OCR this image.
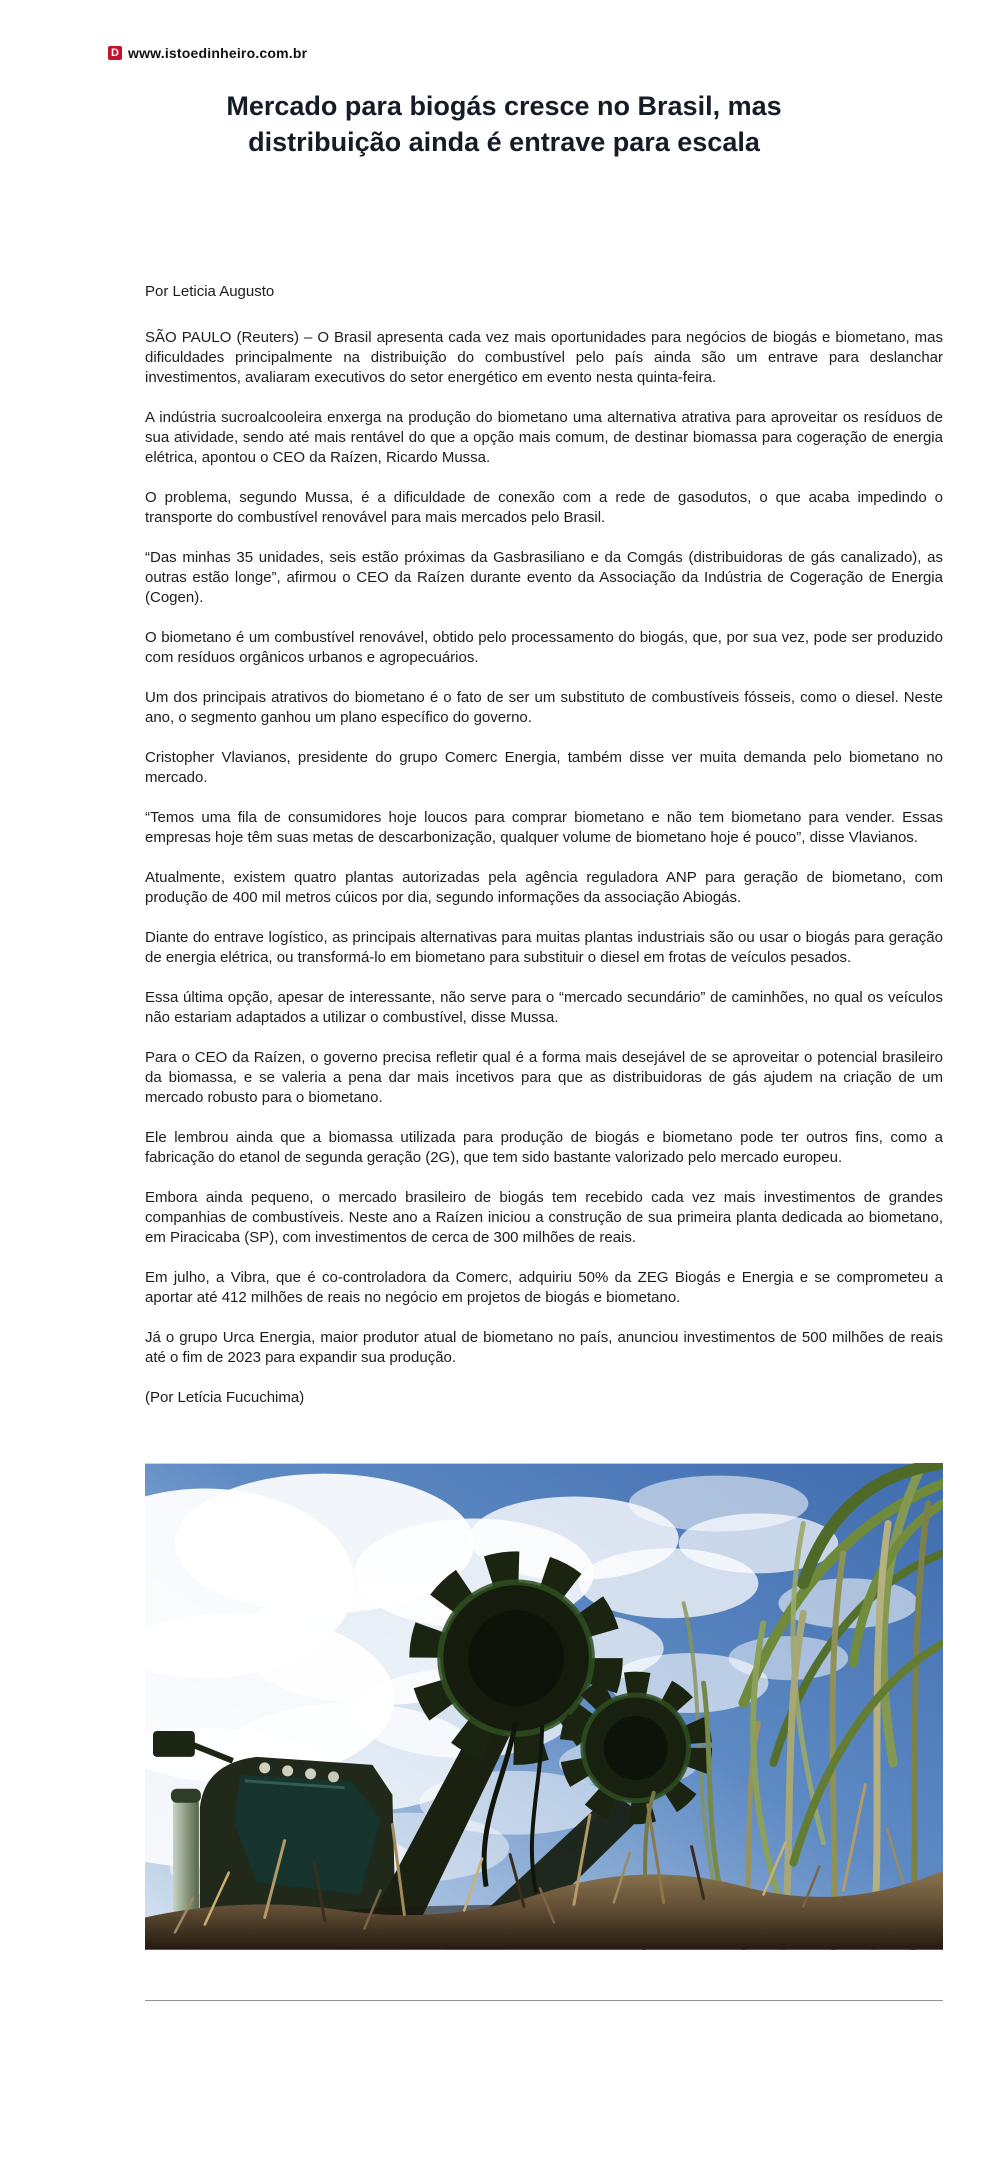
D www.istoedinheiro.com.br
Mercado para biogás cresce no Brasil, mas distribuição ainda é entrave para escala

Por Leticia Augusto

SÃO PAULO (Reuters) – O Brasil apresenta cada vez mais oportunidades para negócios de biogás e biometano, mas dificuldades principalmente na distribuição do combustível pelo país ainda são um entrave para deslanchar investimentos, avaliaram executivos do setor energético em evento nesta quinta-feira.

A indústria sucroalcooleira enxerga na produção do biometano uma alternativa atrativa para aproveitar os resíduos de sua atividade, sendo até mais rentável do que a opção mais comum, de destinar biomassa para cogeração de energia elétrica, apontou o CEO da Raízen, Ricardo Mussa.

O problema, segundo Mussa, é a dificuldade de conexão com a rede de gasodutos, o que acaba impedindo o transporte do combustível renovável para mais mercados pelo Brasil.

“Das minhas 35 unidades, seis estão próximas da Gasbrasiliano e da Comgás (distribuidoras de gás canalizado), as outras estão longe”, afirmou o CEO da Raízen durante evento da Associação da Indústria de Cogeração de Energia (Cogen).

O biometano é um combustível renovável, obtido pelo processamento do biogás, que, por sua vez, pode ser produzido com resíduos orgânicos urbanos e agropecuários.

Um dos principais atrativos do biometano é o fato de ser um substituto de combustíveis fósseis, como o diesel. Neste ano, o segmento ganhou um plano específico do governo.

Cristopher Vlavianos, presidente do grupo Comerc Energia, também disse ver muita demanda pelo biometano no mercado.

“Temos uma fila de consumidores hoje loucos para comprar biometano e não tem biometano para vender. Essas empresas hoje têm suas metas de descarbonização, qualquer volume de biometano hoje é pouco”, disse Vlavianos.

Atualmente, existem quatro plantas autorizadas pela agência reguladora ANP para geração de biometano, com produção de 400 mil metros cúicos por dia, segundo informações da associação Abiogás.

Diante do entrave logístico, as principais alternativas para muitas plantas industriais são ou usar o biogás para geração de energia elétrica, ou transformá-lo em biometano para substituir o diesel em frotas de veículos pesados.

Essa última opção, apesar de interessante, não serve para o “mercado secundário” de caminhões, no qual os veículos não estariam adaptados a utilizar o combustível, disse Mussa.

Para o CEO da Raízen, o governo precisa refletir qual é a forma mais desejável de se aproveitar o potencial brasileiro da biomassa, e se valeria a pena dar mais incetivos para que as distribuidoras de gás ajudem na criação de um mercado robusto para o biometano.

Ele lembrou ainda que a biomassa utilizada para produção de biogás e biometano pode ter outros fins, como a fabricação do etanol de segunda geração (2G), que tem sido bastante valorizado pelo mercado europeu.

Embora ainda pequeno, o mercado brasileiro de biogás tem recebido cada vez mais investimentos de grandes companhias de combustíveis. Neste ano a Raízen iniciou a construção de sua primeira planta dedicada ao biometano, em Piracicaba (SP), com investimentos de cerca de 300 milhões de reais.

Em julho, a Vibra, que é co-controladora da Comerc, adquiriu 50% da ZEG Biogás e Energia e se comprometeu a aportar até 412 milhões de reais no negócio em projetos de biogás e biometano.

Já o grupo Urca Energia, maior produtor atual de biometano no país, anunciou investimentos de 500 milhões de reais até o fim de 2023 para expandir sua produção.

(Por Letícia Fucuchima)
